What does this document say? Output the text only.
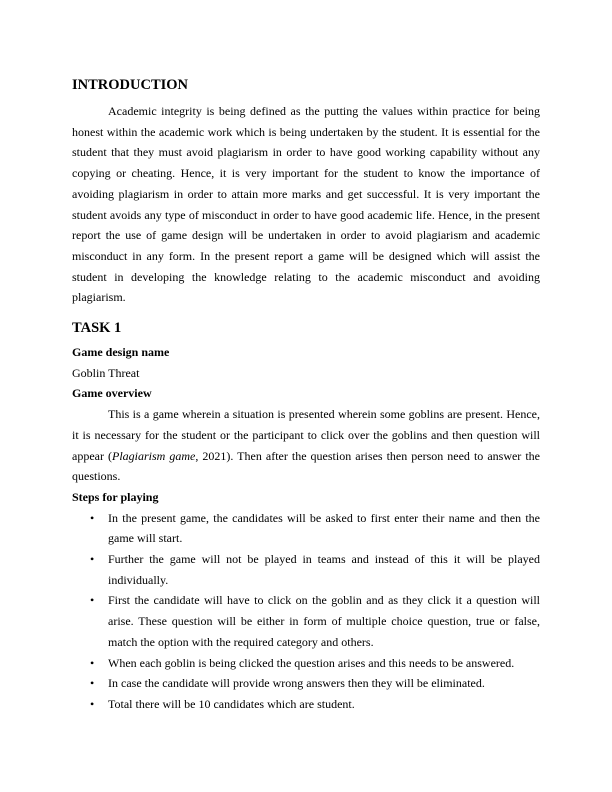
INTRODUCTION

Academic integrity is being defined as the putting the values within practice for being honest within the academic work which is being undertaken by the student. It is essential for the student that they must avoid plagiarism in order to have good working capability without any copying or cheating. Hence, it is very important for the student to know the importance of avoiding plagiarism in order to attain more marks and get successful. It is very important the student avoids any type of misconduct in order to have good academic life. Hence, in the present report the use of game design will be undertaken in order to avoid plagiarism and academic misconduct in any form. In the present report a game will be designed which will assist the student in developing the knowledge relating to the academic misconduct and avoiding plagiarism.

TASK 1
Game design name
Goblin Threat
Game overview

This is a game wherein a situation is presented wherein some goblins are present. Hence, it is necessary for the student or the participant to click over the goblins and then question will appear (Plagiarism game, 2021). Then after the question arises then person need to answer the questions.

Steps for playing
• In the present game, the candidates will be asked to first enter their name and then the game will start.
• Further the game will not be played in teams and instead of this it will be played individually.
• First the candidate will have to click on the goblin and as they click it a question will arise. These question will be either in form of multiple choice question, true or false, match the option with the required category and others.
• When each goblin is being clicked the question arises and this needs to be answered.
• In case the candidate will provide wrong answers then they will be eliminated.
• Total there will be 10 candidates which are student.
